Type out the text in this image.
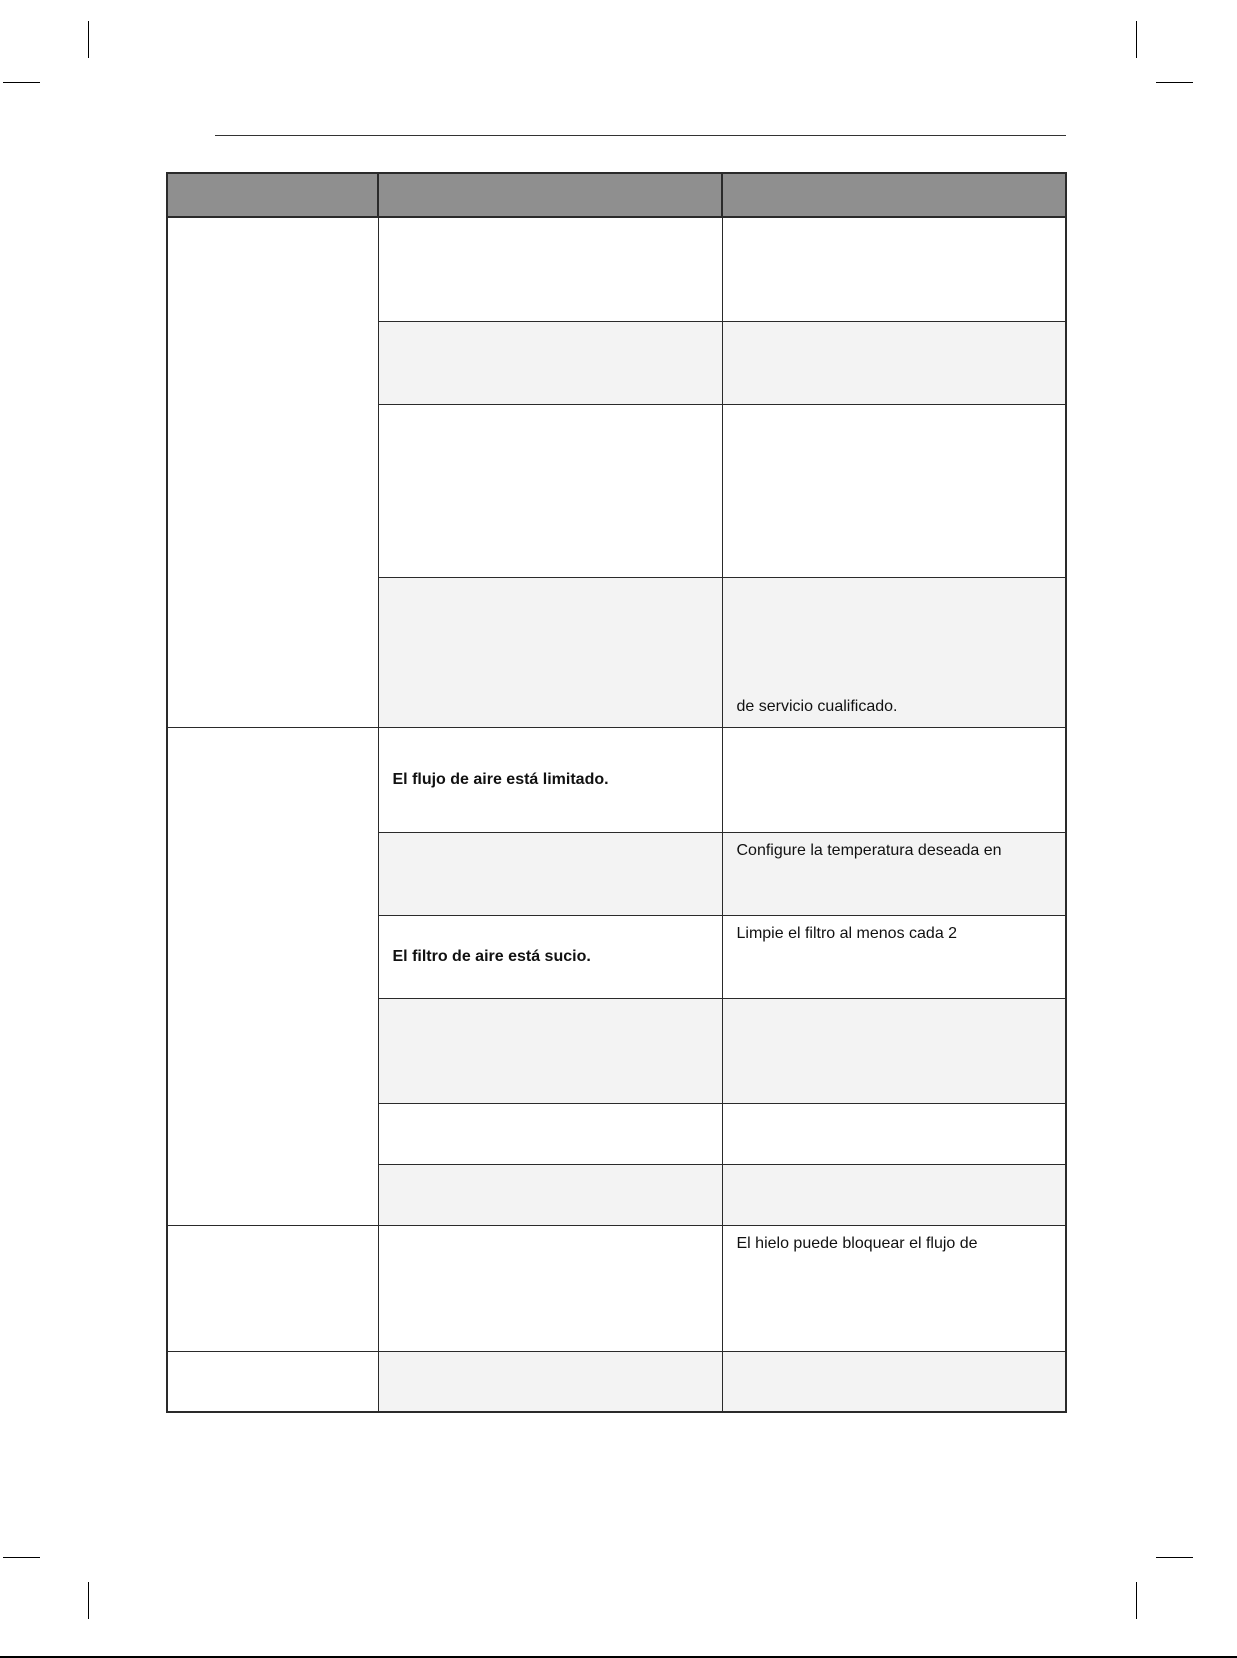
		de servicio cualificado.
	El flujo de aire está limitado.	
		Configure la temperatura deseada en
	El filtro de aire está sucio.	Limpie el filtro al menos cada 2

		El hielo puede bloquear el flujo de
